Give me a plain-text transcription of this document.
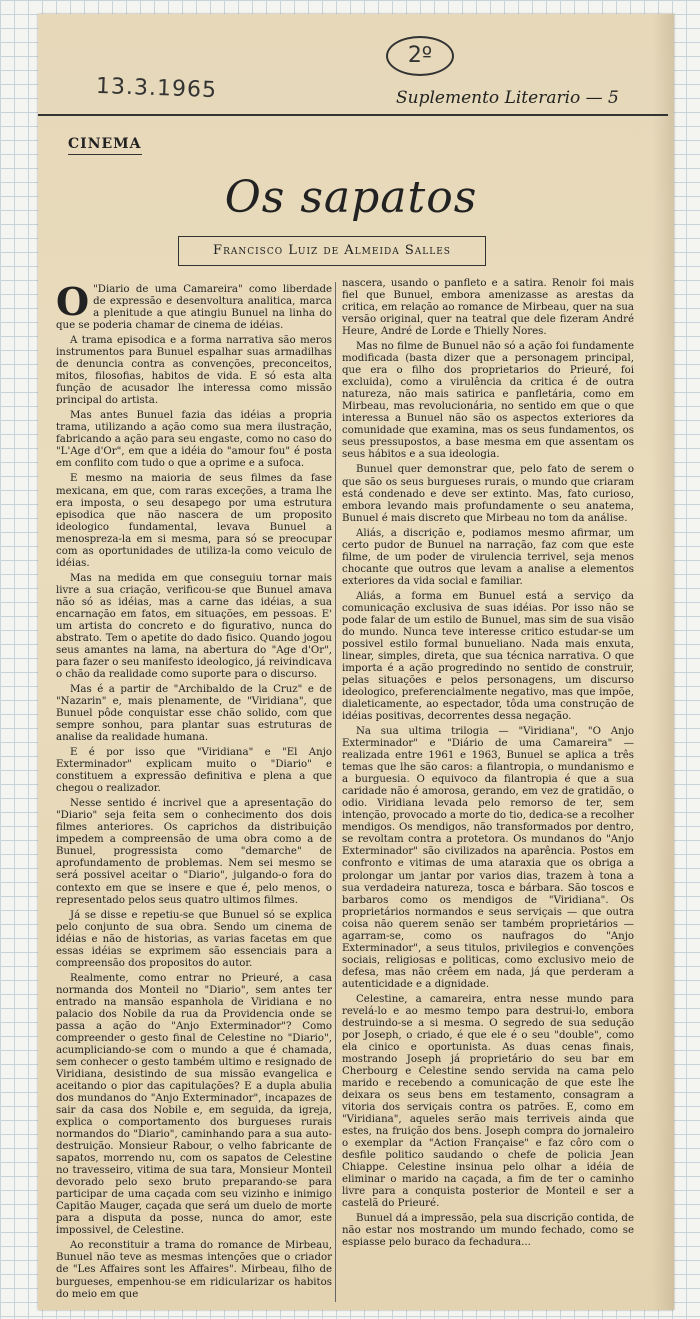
13.3.1965
2º
Suplemento Literario — 5
CINEMA
Os sapatos
Francisco Luiz de Almeida Salles

O "Diario de uma Camareira" como liberdade de expressão e desenvoltura analitica, marca a plenitude a que atingiu Bunuel na linha do que se poderia chamar de cinema de idéias.

A trama episodica e a forma narrativa são meros instrumentos para Bunuel espalhar suas armadilhas de denuncia contra as convenções, preconceitos, mitos, filosofias, habitos de vida. E só esta alta função de acusador lhe interessa como missão principal do artista.

Mas antes Bunuel fazia das idéias a propria trama, utilizando a ação como sua mera ilustração, fabricando a ação para seu engaste, como no caso do "L'Age d'Or", em que a idéia do "amour fou" é posta em conflito com tudo o que a oprime e a sufoca.

E mesmo na maioria de seus filmes da fase mexicana, em que, com raras exceções, a trama lhe era imposta, o seu desapego por uma estrutura episodica que não nascera de um proposito ideologico fundamental, levava Bunuel a menospreza-la em si mesma, para só se preocupar com as oportunidades de utiliza-la como veiculo de idéias.

Mas na medida em que conseguiu tornar mais livre a sua criação, verificou-se que Bunuel amava não só as idéias, mas a carne das idéias, a sua encarnação em fatos, em situações, em pessoas. E' um artista do concreto e do figurativo, nunca do abstrato. Tem o apetite do dado fisico. Quando jogou seus amantes na lama, na abertura do "Age d'Or", para fazer o seu manifesto ideologico, já reivindicava o chão da realidade como suporte para o discurso.

Mas é a partir de "Archibaldo de la Cruz" e de "Nazarin" e, mais plenamente, de "Viridiana", que Bunuel pôde conquistar esse chão solido, com que sempre sonhou, para plantar suas estruturas de analise da realidade humana.

E é por isso que "Viridiana" e "El Anjo Exterminador" explicam muito o "Diario" e constituem a expressão definitiva e plena a que chegou o realizador.

Nesse sentido é incrivel que a apresentação do "Diario" seja feita sem o conhecimento dos dois filmes anteriores. Os caprichos da distribuição impedem a compreensão de uma obra como a de Bunuel, progressista como "demarche" de aprofundamento de problemas. Nem sei mesmo se será possivel aceitar o "Diario", julgando-o fora do contexto em que se insere e que é, pelo menos, o representado pelos seus quatro ultimos filmes.

Já se disse e repetiu-se que Bunuel só se explica pelo conjunto de sua obra. Sendo um cinema de idéias e não de historias, as varias facetas em que essas idéias se exprimem são essenciais para a compreensão dos propositos do autor.

Realmente, como entrar no Prieuré, a casa normanda dos Monteil no "Diario", sem antes ter entrado na mansão espanhola de Viridiana e no palacio dos Nobile da rua da Providencia onde se passa a ação do "Anjo Exterminador"? Como compreender o gesto final de Celestine no "Diario", acumpliciando-se com o mundo a que é chamada, sem conhecer o gesto também ultimo e resignado de Viridiana, desistindo de sua missão evangelica e aceitando o pior das capitulações? E a dupla abulia dos mundanos do "Anjo Exterminador", incapazes de sair da casa dos Nobile e, em seguida, da igreja, explica o comportamento dos burgueses rurais normandos do "Diario", caminhando para a sua auto-destruição. Monsieur Rabour, o velho fabricante de sapatos, morrendo nu, com os sapatos de Celestine no travesseiro, vitima de sua tara, Monsieur Monteil devorado pelo sexo bruto preparando-se para participar de uma caçada com seu vizinho e inimigo Capitão Mauger, caçada que será um duelo de morte para a disputa da posse, nunca do amor, este impossivel, de Celestine.

Ao reconstituir a trama do romance de Mirbeau, Bunuel não teve as mesmas intenções que o criador de "Les Affaires sont les Affaires". Mirbeau, filho de burgueses, empenhou-se em ridicularizar os habitos do meio em que

nascera, usando o panfleto e a satira. Renoir foi mais fiel que Bunuel, embora amenizasse as arestas da critica, em relação ao romance de Mirbeau, quer na sua versão original, quer na teatral que dele fizeram André Heure, André de Lorde e Thielly Nores.

Mas no filme de Bunuel não só a ação foi fundamente modificada (basta dizer que a personagem principal, que era o filho dos proprietarios do Prieuré, foi excluida), como a virulência da critica é de outra natureza, não mais satirica e panfletária, como em Mirbeau, mas revolucionária, no sentido em que o que interessa a Bunuel não são os aspectos exteriores da comunidade que examina, mas os seus fundamentos, os seus pressupostos, a base mesma em que assentam os seus hábitos e a sua ideologia.

Bunuel quer demonstrar que, pelo fato de serem o que são os seus burgueses rurais, o mundo que criaram está condenado e deve ser extinto. Mas, fato curioso, embora levando mais profundamente o seu anatema, Bunuel é mais discreto que Mirbeau no tom da análise.

Aliás, a discrição e, podiamos mesmo afirmar, um certo pudor de Bunuel na narração, faz com que este filme, de um poder de virulencia terrivel, seja menos chocante que outros que levam a analise a elementos exteriores da vida social e familiar.

Aliás, a forma em Bunuel está a serviço da comunicação exclusiva de suas idéias. Por isso não se pode falar de um estilo de Bunuel, mas sim de sua visão do mundo. Nunca teve interesse critico estudar-se um possivel estilo formal bunueliano. Nada mais enxuta, linear, simples, direta, que sua técnica narrativa. O que importa é a ação progredindo no sentido de construir, pelas situações e pelos personagens, um discurso ideologico, preferencialmente negativo, mas que impõe, dialeticamente, ao espectador, tôda uma construção de idéias positivas, decorrentes dessa negação.

Na sua ultima trilogia — "Viridiana", "O Anjo Exterminador" e "Diário de uma Camareira" — realizada entre 1961 e 1963, Bunuel se aplica a três temas que lhe são caros: a filantropia, o mundanismo e a burguesia. O equivoco da filantropia é que a sua caridade não é amorosa, gerando, em vez de gratidão, o odio. Viridiana levada pelo remorso de ter, sem intenção, provocado a morte do tio, dedica-se a recolher mendigos. Os mendigos, não transformados por dentro, se revoltam contra a protetora. Os mundanos do "Anjo Exterminador" são civilizados na aparência. Postos em confronto e vitimas de uma ataraxia que os obriga a prolongar um jantar por varios dias, trazem à tona a sua verdadeira natureza, tosca e bárbara. São toscos e barbaros como os mendigos de "Viridiana". Os proprietários normandos e seus serviçais — que outra coisa não querem senão ser também proprietários — agarram-se, como os naufragos do "Anjo Exterminador", a seus titulos, privilegios e convenções sociais, religiosas e politicas, como exclusivo meio de defesa, mas não crêem em nada, já que perderam a autenticidade e a dignidade.

Celestine, a camareira, entra nesse mundo para revelá-lo e ao mesmo tempo para destrui-lo, embora destruindo-se a si mesma. O segredo de sua sedução por Joseph, o criado, é que ele é o seu "double", como ela cinico e oportunista. As duas cenas finais, mostrando Joseph já proprietário do seu bar em Cherbourg e Celestine sendo servida na cama pelo marido e recebendo a comunicação de que este lhe deixara os seus bens em testamento, consagram a vitoria dos serviçais contra os patrões. E, como em "Viridiana", aqueles serão mais terriveis ainda que estes, na fruição dos bens. Joseph compra do jornaleiro o exemplar da "Action Française" e faz côro com o desfile politico saudando o chefe de policia Jean Chiappe. Celestine insinua pelo olhar a idéia de eliminar o marido na caçada, a fim de ter o caminho livre para a conquista posterior de Monteil e ser a castelã do Prieuré.

Bunuel dá a impressão, pela sua discrição contida, de não estar nos mostrando um mundo fechado, como se espiasse pelo buraco da fechadura...
